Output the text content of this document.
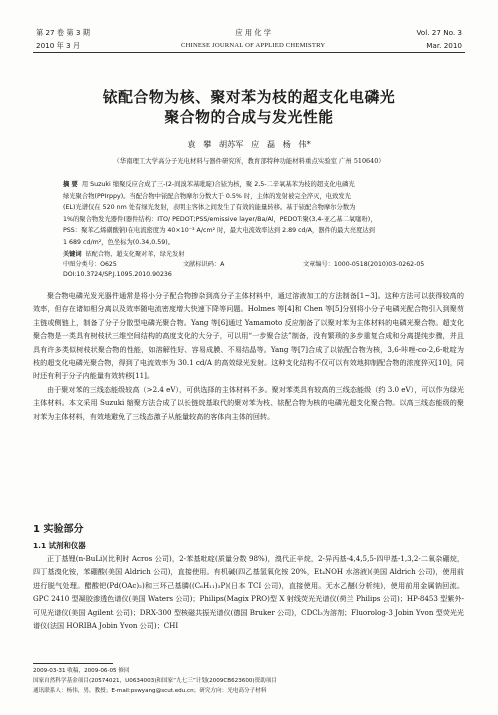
第 27 卷 第 3 期	应 用 化 学	Vol. 27 No. 3
2010 年 3 月	CHINESE JOURNAL OF APPLIED CHEMISTRY	Mar. 2010
铱配合物为核、聚对苯为枝的超支化电磷光
聚合物的合成与发光性能
袁 攀 胡苏军 应 磊 杨 伟*
（华南理工大学高分子光电材料与器件研究所，教育部特种功能材料重点实验室 广州 510640）
摘 要 用 Suzuki 缩聚反应合成了三-(2-间溴苯基吡啶)合铱为核，聚 2,5-二辛氧基苯为枝的超支化电磷光
绿光聚合物(PPIrppy)。当配合物中铱配合物摩尔分数大于 0.5% 时，主体的发射被完全淬灭，电致发光
(EL)光谱仅在 520 nm 处有绿光发射，表明主客体之间发生了有效的能量转移。基于铱配合物摩尔分数为
1%的聚合物发光器件(器件结构：ITO/ PEDOT;PSS/emissive layer/Ba/Al，PEDOT:聚(3,4-亚乙基二氧噻吩)，
PSS：聚苯乙烯磺酸钠)在电流密度为 40×10⁻³ A/cm² 时，最大电流效率达到 2.89 cd/A，器件的最大亮度达到
1 689 cd/m²，色坐标为(0.34,0.59)。
关键词 铱配合物，超支化聚对苯，绿光发射
中图分类号：O625	文献标识码：A	文章编号：1000-0518(2010)03-0262-05
DOI:10.3724/SP.J.1095.2010.90236

聚合物电磷光发光器件通常是将小分子配合物掺杂到高分子主体材料中，通过溶液加工的方法制备[1~3]。这种方法可以获得较高的效率，但存在诸如相分离以及效率随电流密度增大快速下降等问题。Holmes 等[4]和 Chen 等[5]分别将小分子电磷光配合物引入到聚芴主链或侧链上，制备了分子分散型电磷光聚合物。Yang 等[6]通过 Yamamoto 反应制备了以聚对苯为主体材料的电磷光聚合物。超支化聚合物是一类具有树枝状三维空间结构的高度支化的大分子，可以用“一步聚合法”制备，没有繁琐的多步重复合成和分离提纯步骤，并且具有许多类似树枝状聚合物的性能，如溶解性好、容易成膜、不易结晶等。Yang 等[7]合成了以铱配合物为核，3,6-咔唑-co-2,6-吡啶为枝的超支化电磷光聚合物，得到了电流效率为 30.1 cd/A 的高效绿光发射。这种支化结构不仅可以有效地抑制配合物的浓度猝灭[10]，同时还有利于分子内能量有效转移[11]。

由于聚对苯的三线态能级较高（>2.4 eV），可供选择的主体材料不多。聚对苯类具有较高的三线态能级（约 3.0 eV），可以作为绿光主体材料。本文采用 Suzuki 缩聚方法合成了以长链烷基取代的聚对苯为枝、铱配合物为核的电磷光超支化聚合物。以高三线态能级的聚对苯为主体材料，有效地避免了三线态激子从能量较高的客体向主体的回转。

1 实验部分
1.1 试剂和仪器

正丁基锂(n-BuLi)(比利时 Acros 公司)，2-苯基吡啶(质量分数 98%)，溴代正辛烷，2-异丙基-4,4,5,5-四甲基-1,3,2-二氧杂硼烷，四丁基溴化铵，苯硼酸(美国 Aldrich 公司)，直接使用。有机碱(四乙基氢氧化铵 20%，Et₄NOH 水溶液)(美国 Aldrich 公司)，使用前进行脱气处理。醋酸钯(Pd(OAc)₂)和三环己基膦((C₆H₁₁)₃P)(日本 TCI 公司)，直接使用。无水乙醚(分析纯)，使用前用金属钠回流。GPC 2410 型凝胶渗透色谱仪(美国 Waters 公司)；Philips(Magix PRO)型 X 射线荧光光谱仪(荷兰 Philips 公司)；HP-8453 型紫外-可见光谱仪(美国 Agilent 公司)；DRX-300 型核磁共振光谱仪(德国 Bruker 公司)，CDCl₃为溶剂；Fluorolog-3 Jobin Yvon 型荧光光谱仪(法国 HORIBA Jobin Yvon 公司)；CHI

2009-03-31 收稿，2009-06-05 修回
国家自然科学基金项目(20574021，U0634003)和国家“九七三”计划(2009CB623600)资助项目
通讯联系人：杨伟，男，教授；E-mail:pswyang@scut.edu.cn；研究方向：光电高分子材料
